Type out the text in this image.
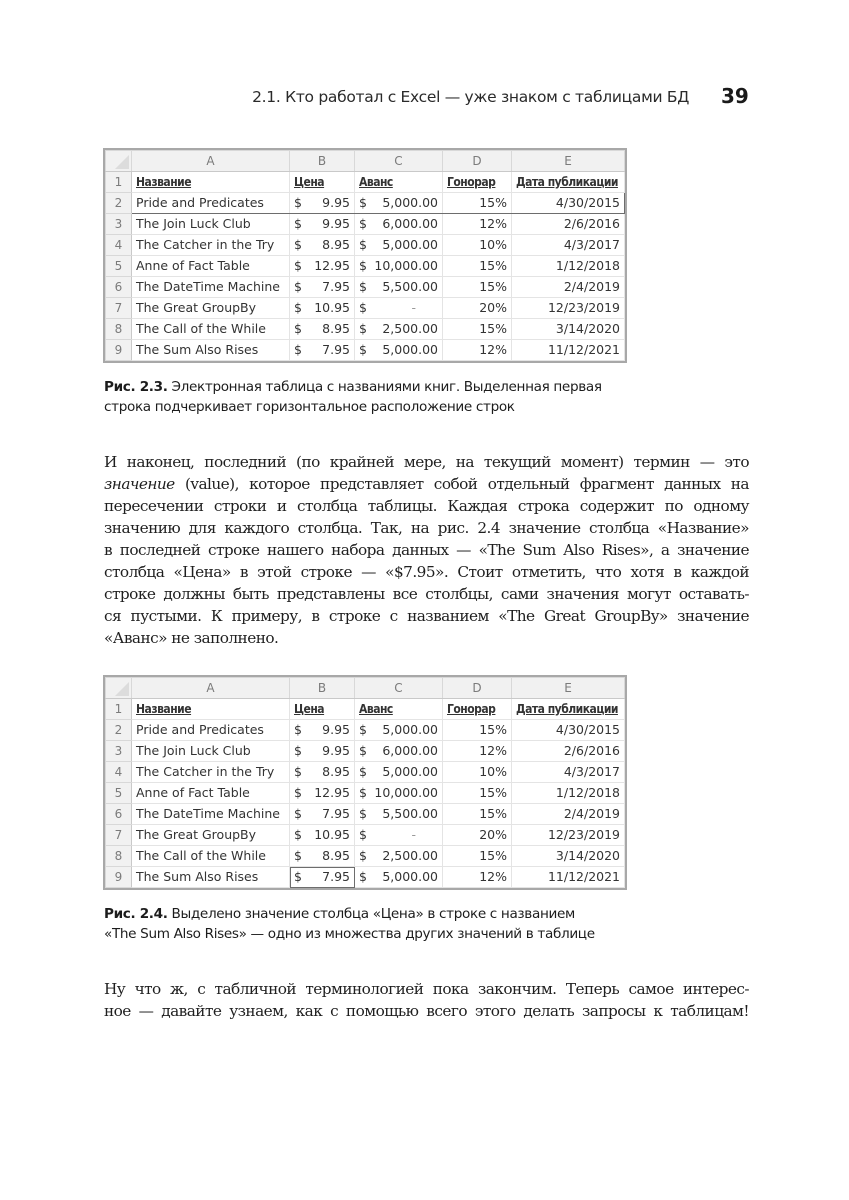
2.1. Кто работал с Excel — уже знаком с таблицами БД 39
	A	B	C	D	E
1	Название	Цена	Аванс	Гонорар	Дата публикации
2	Pride and Predicates	$ 9.95	$ 5,000.00	15%	4/30/2015
3	The Join Luck Club	$ 9.95	$ 6,000.00	12%	2/6/2016
4	The Catcher in the Try	$ 8.95	$ 5,000.00	10%	4/3/2017
5	Anne of Fact Table	$ 12.95	$ 10,000.00	15%	1/12/2018
6	The DateTime Machine	$ 7.95	$ 5,500.00	15%	2/4/2019
7	The Great GroupBy	$ 10.95	$ -	20%	12/23/2019
8	The Call of the While	$ 8.95	$ 2,500.00	15%	3/14/2020
9	The Sum Also Rises	$ 7.95	$ 5,000.00	12%	11/12/2021
Рис. 2.3. Электронная таблица с названиями книг. Выделенная первая
строка подчеркивает горизонтальное расположение строк
И наконец, последний (по крайней мере, на текущий момент) термин — это
значение (value), которое представляет собой отдельный фрагмент данных на
пересечении строки и столбца таблицы. Каждая строка содержит по одному
значению для каждого столбца. Так, на рис. 2.4 значение столбца «Название»
в последней строке нашего набора данных — «The Sum Also Rises», а значение
столбца «Цена» в этой строке — «$7.95». Стоит отметить, что хотя в каждой
строке должны быть представлены все столбцы, сами значения могут оставать-
ся пустыми. К примеру, в строке с названием «The Great GroupBy» значение
«Аванс» не заполнено.
	A	B	C	D	E
1	Название	Цена	Аванс	Гонорар	Дата публикации
2	Pride and Predicates	$ 9.95	$ 5,000.00	15%	4/30/2015
3	The Join Luck Club	$ 9.95	$ 6,000.00	12%	2/6/2016
4	The Catcher in the Try	$ 8.95	$ 5,000.00	10%	4/3/2017
5	Anne of Fact Table	$ 12.95	$ 10,000.00	15%	1/12/2018
6	The DateTime Machine	$ 7.95	$ 5,500.00	15%	2/4/2019
7	The Great GroupBy	$ 10.95	$ -	20%	12/23/2019
8	The Call of the While	$ 8.95	$ 2,500.00	15%	3/14/2020
9	The Sum Also Rises	$ 7.95	$ 5,000.00	12%	11/12/2021
Рис. 2.4. Выделено значение столбца «Цена» в строке с названием
«The Sum Also Rises» — одно из множества других значений в таблице
Ну что ж, с табличной терминологией пока закончим. Теперь самое интерес-
ное — давайте узнаем, как с помощью всего этого делать запросы к таблицам!
